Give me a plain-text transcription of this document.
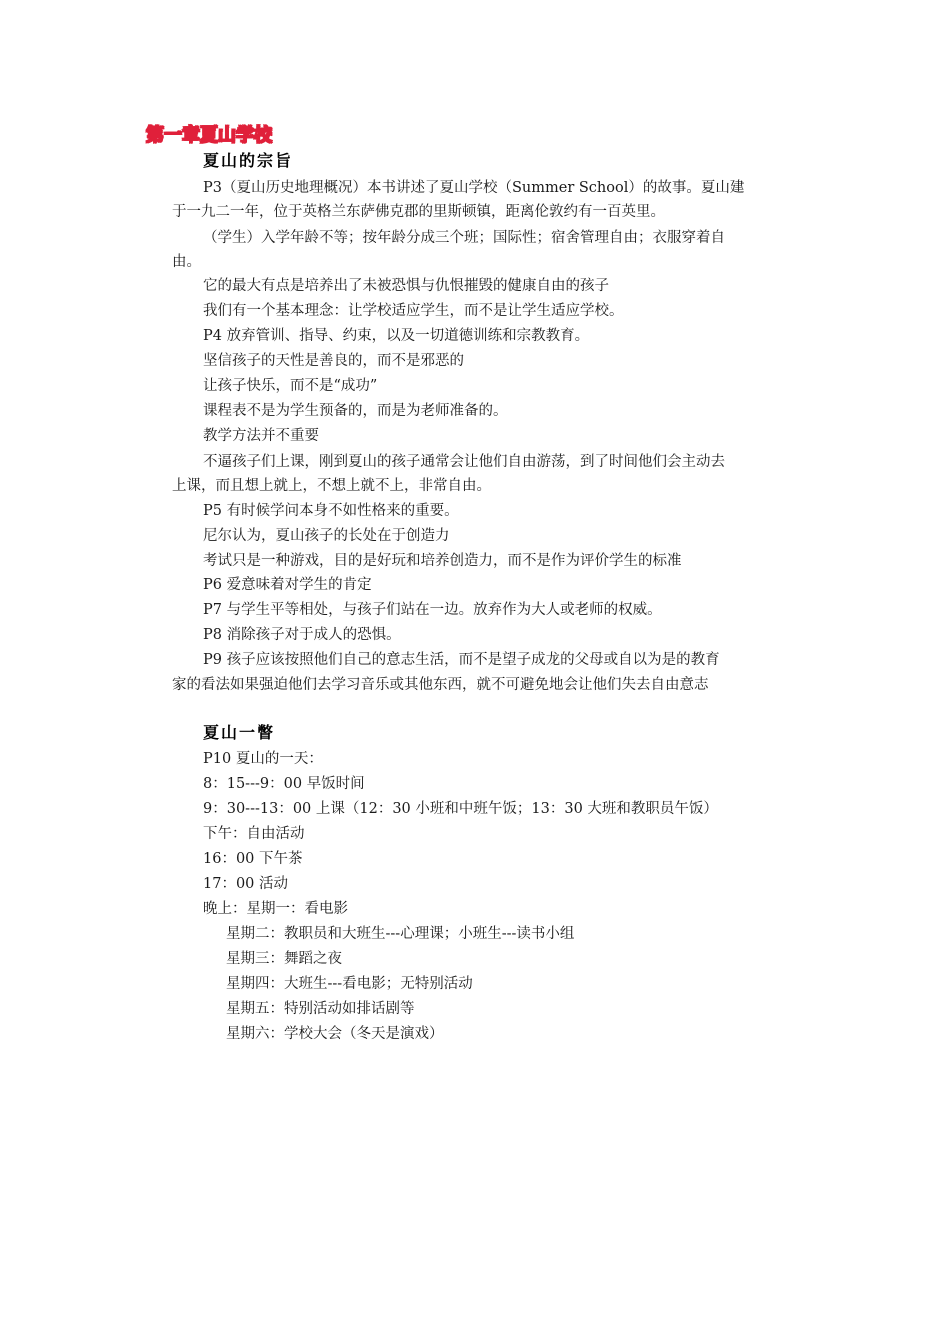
第一章夏山学校
夏山的宗旨
P3（夏山历史地理概况）本书讲述了夏山学校（Summer School）的故事。夏山建
于一九二一年，位于英格兰东萨佛克郡的里斯顿镇，距离伦敦约有一百英里。
（学生）入学年龄不等；按年龄分成三个班；国际性；宿舍管理自由；衣服穿着自
由。
它的最大有点是培养出了未被恐惧与仇恨摧毁的健康自由的孩子
我们有一个基本理念：让学校适应学生，而不是让学生适应学校。
P4 放弃管训、指导、约束，以及一切道德训练和宗教教育。
坚信孩子的天性是善良的，而不是邪恶的
让孩子快乐，而不是“成功”
课程表不是为学生预备的，而是为老师准备的。
教学方法并不重要
不逼孩子们上课，刚到夏山的孩子通常会让他们自由游荡，到了时间他们会主动去
上课，而且想上就上，不想上就不上，非常自由。
P5 有时候学问本身不如性格来的重要。
尼尔认为，夏山孩子的长处在于创造力
考试只是一种游戏，目的是好玩和培养创造力，而不是作为评价学生的标准
P6 爱意味着对学生的肯定
P7 与学生平等相处，与孩子们站在一边。放弃作为大人或老师的权威。
P8 消除孩子对于成人的恐惧。
P9 孩子应该按照他们自己的意志生活，而不是望子成龙的父母或自以为是的教育
家的看法如果强迫他们去学习音乐或其他东西，就不可避免地会让他们失去自由意志
夏山一瞥
P10 夏山的一天：
8：15---9：00 早饭时间
9：30---13：00 上课（12：30 小班和中班午饭；13：30 大班和教职员午饭）
下午：自由活动
16：00 下午茶
17：00 活动
晚上：星期一：看电影
星期二：教职员和大班生---心理课；小班生---读书小组
星期三：舞蹈之夜
星期四：大班生---看电影；无特别活动
星期五：特别活动如排话剧等
星期六：学校大会（冬天是演戏）
